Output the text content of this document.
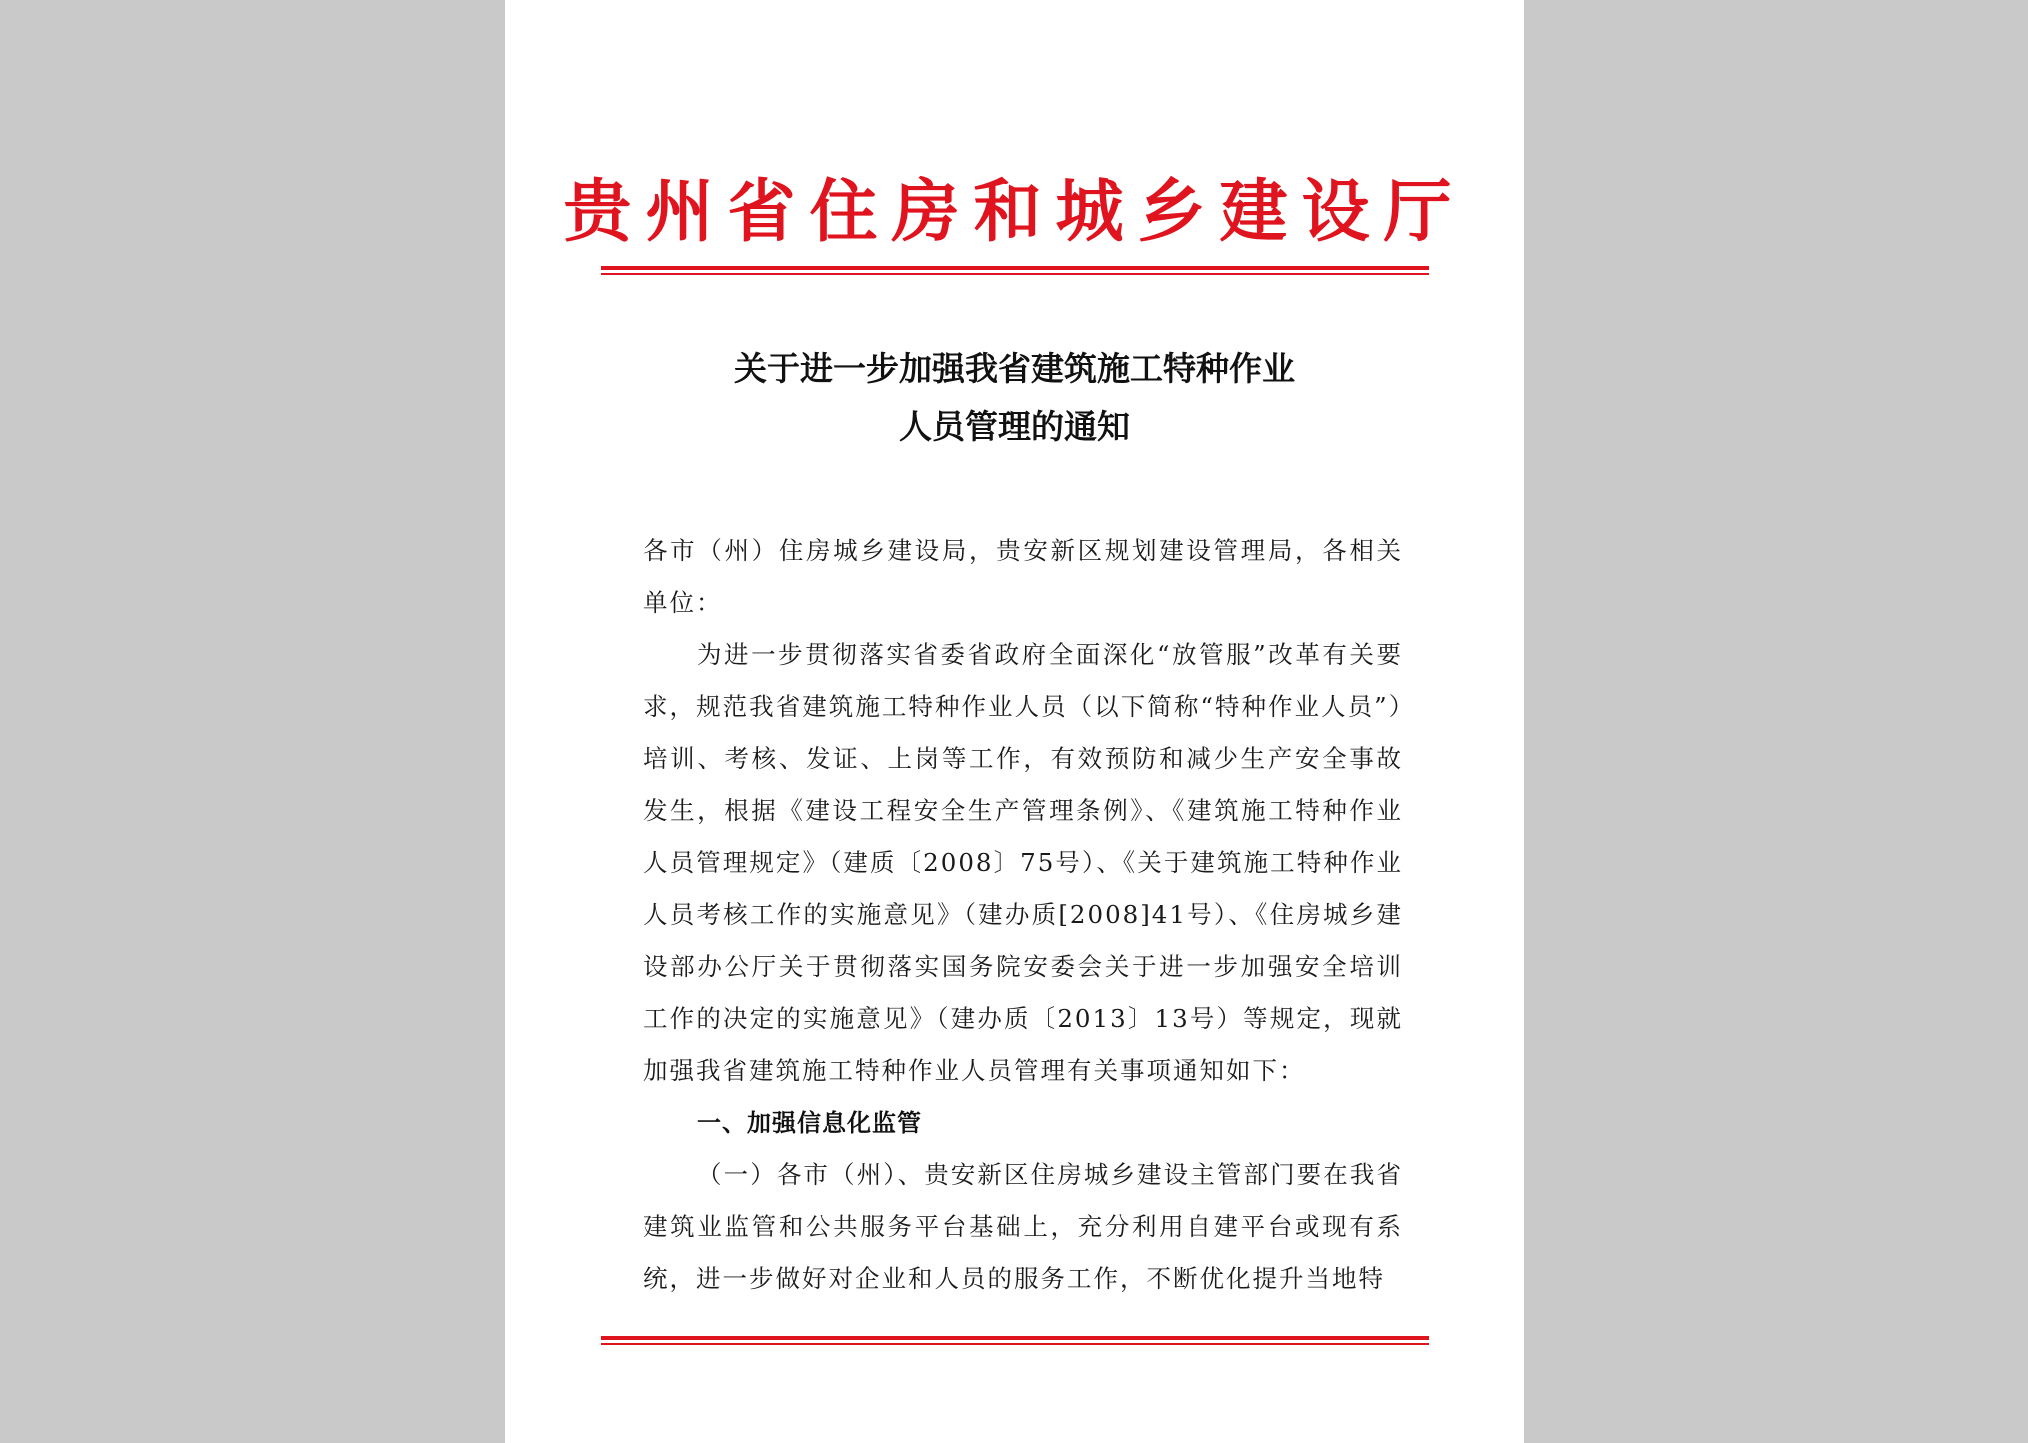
贵州省住房和城乡建设厅
关于进一步加强我省建筑施工特种作业
人员管理的通知

各市（州）住房城乡建设局，贵安新区规划建设管理局，各相关单位：

为进一步贯彻落实省委省政府全面深化“放管服”改革有关要求，规范我省建筑施工特种作业人员（以下简称“特种作业人员”）培训、考核、发证、上岗等工作，有效预防和减少生产安全事故发生，根据《建设工程安全生产管理条例》、《建筑施工特种作业人员管理规定》（建质〔2008〕75号）、《关于建筑施工特种作业人员考核工作的实施意见》（建办质[2008]41号）、《住房城乡建设部办公厅关于贯彻落实国务院安委会关于进一步加强安全培训工作的决定的实施意见》（建办质〔2013〕13号）等规定，现就加强我省建筑施工特种作业人员管理有关事项通知如下：

一、加强信息化监管

（一）各市（州）、贵安新区住房城乡建设主管部门要在我省建筑业监管和公共服务平台基础上，充分利用自建平台或现有系统，进一步做好对企业和人员的服务工作，不断优化提升当地特
